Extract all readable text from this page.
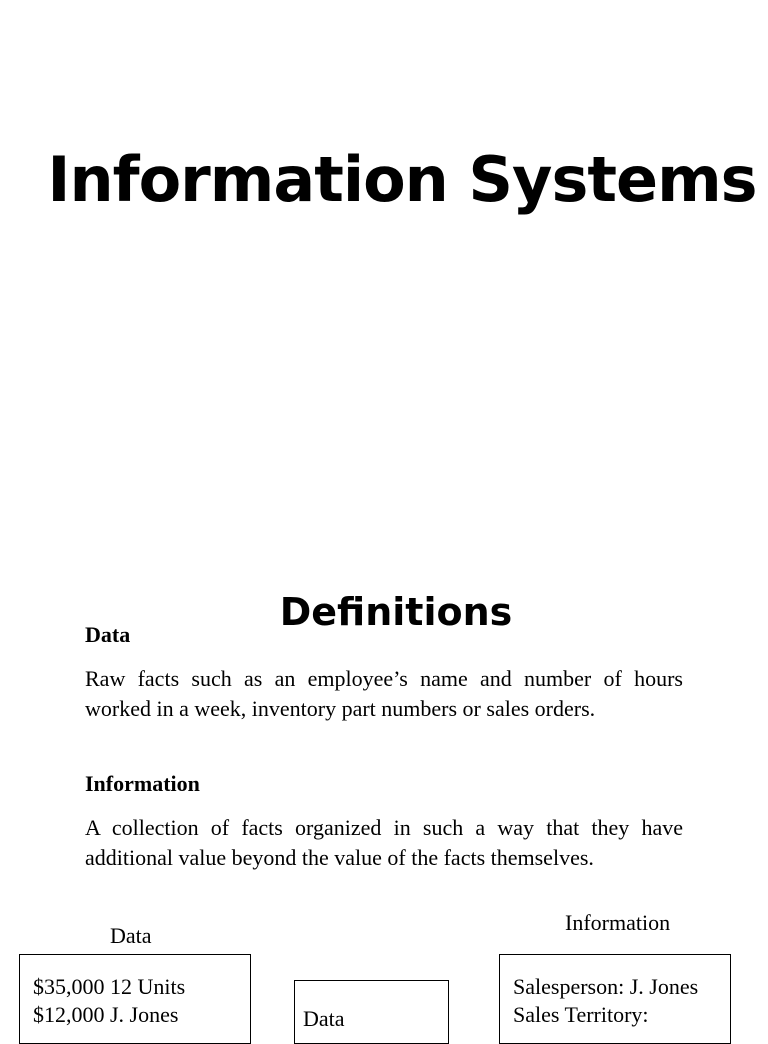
Information Systems
Definitions

Data

Raw facts such as an employee’s name and number of hours worked in a week, inventory part numbers or sales orders.

Information

A collection of facts organized in such a way that they have additional value beyond the value of the facts themselves.

Data
Information
$35,000 12 Units
$12,000 J. Jones	Data
Salesperson: J. Jones
Sales Territory:
